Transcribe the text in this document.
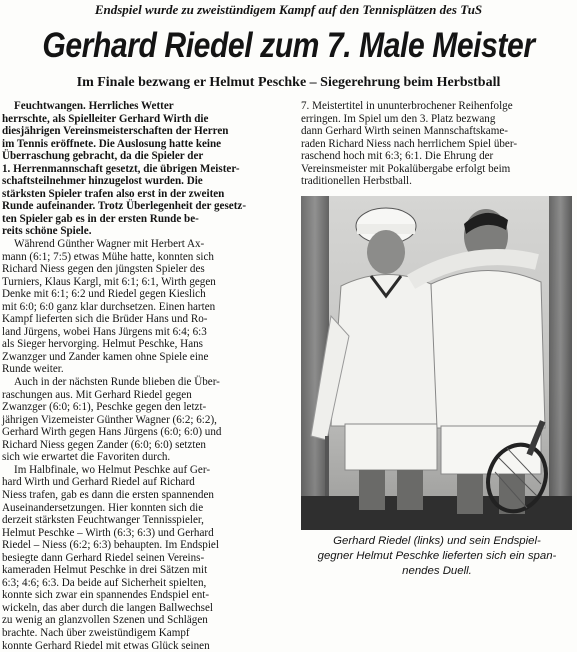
Endspiel wurde zu zweistündigem Kampf auf den Tennisplätzen des TuS
Gerhard Riedel zum 7. Male Meister
Im Finale bezwang er Helmut Peschke – Siegerehrung beim Herbstball

Feuchtwangen. Herrliches Wetter
herrschte, als Spielleiter Gerhard Wirth die
diesjährigen Vereinsmeisterschaften der Herren
im Tennis eröffnete. Die Auslosung hatte keine
Überraschung gebracht, da die Spieler der
1. Herrenmannschaft gesetzt, die übrigen Meister-
schaftsteilnehmer hinzugelost wurden. Die
stärksten Spieler trafen also erst in der zweiten
Runde aufeinander. Trotz Überlegenheit der gesetz-
ten Spieler gab es in der ersten Runde be-
reits schöne Spiele.

Während Günther Wagner mit Herbert Ax-
mann (6:1; 7:5) etwas Mühe hatte, konnten sich
Richard Niess gegen den jüngsten Spieler des
Turniers, Klaus Kargl, mit 6:1; 6:1, Wirth gegen
Denke mit 6:1; 6:2 und Riedel gegen Kieslich
mit 6:0; 6:0 ganz klar durchsetzen. Einen harten
Kampf lieferten sich die Brüder Hans und Ro-
land Jürgens, wobei Hans Jürgens mit 6:4; 6:3
als Sieger hervorging. Helmut Peschke, Hans
Zwanzger und Zander kamen ohne Spiele eine
Runde weiter.

Auch in der nächsten Runde blieben die Über-
raschungen aus. Mit Gerhard Riedel gegen
Zwanzger (6:0; 6:1), Peschke gegen den letzt-
jährigen Vizemeister Günther Wagner (6:2; 6:2),
Gerhard Wirth gegen Hans Jürgens (6:0; 6:0) und
Richard Niess gegen Zander (6:0; 6:0) setzten
sich wie erwartet die Favoriten durch.

Im Halbfinale, wo Helmut Peschke auf Ger-
hard Wirth und Gerhard Riedel auf Richard
Niess trafen, gab es dann die ersten spannenden
Auseinandersetzungen. Hier konnten sich die
derzeit stärksten Feuchtwanger Tennisspieler,
Helmut Peschke – Wirth (6:3; 6:3) und Gerhard
Riedel – Niess (6:2; 6:3) behaupten. Im Endspiel
besiegte dann Gerhard Riedel seinen Vereins-
kameraden Helmut Peschke in drei Sätzen mit
6:3; 4:6; 6:3. Da beide auf Sicherheit spielten,
konnte sich zwar ein spannendes Endspiel ent-
wickeln, das aber durch die langen Ballwechsel
zu wenig an glanzvollen Szenen und Schlägen
brachte. Nach über zweistündigem Kampf
konnte Gerhard Riedel mit etwas Glück seinen

7. Meistertitel in ununterbrochener Reihenfolge
erringen. Im Spiel um den 3. Platz bezwang
dann Gerhard Wirth seinen Mannschaftskame-
raden Richard Niess nach herrlichem Spiel über-
raschend hoch mit 6:3; 6:1. Die Ehrung der
Vereinsmeister mit Pokalübergabe erfolgt beim
traditionellen Herbstball.
Gerhard Riedel (links) und sein Endspiel-
gegner Helmut Peschke lieferten sich ein span-
nendes Duell.
